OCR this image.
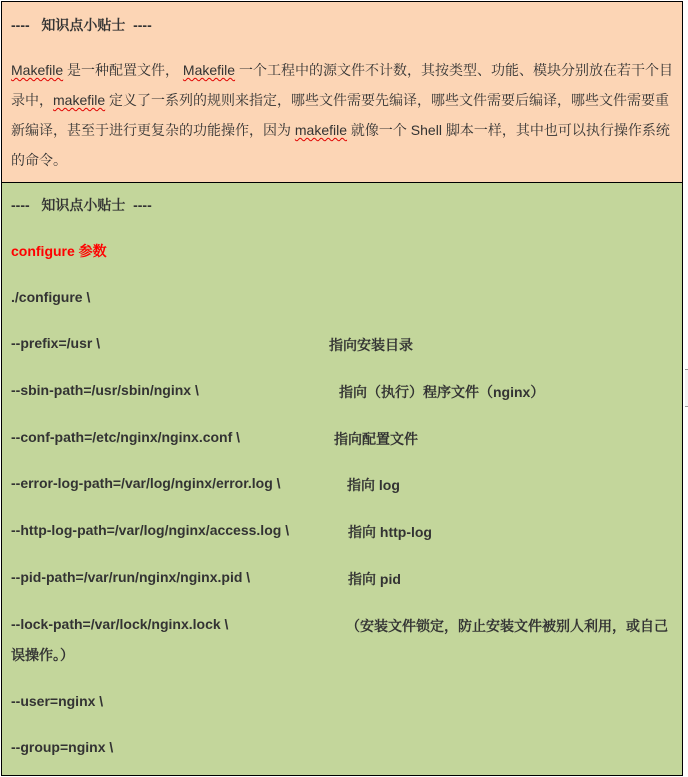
----   知识点小贴士  ----
Makefile 是一种配置文件， Makefile 一个工程中的源文件不计数，其按类型、功能、模块分别放在若干个目录中，makefile 定义了一系列的规则来指定，哪些文件需要先编译，哪些文件需要后编译，哪些文件需要重新编译，甚至于进行更复杂的功能操作，因为 makefile 就像一个 Shell 脚本一样，其中也可以执行操作系统的命令。
----   知识点小贴士  ----
configure 参数
./configure \
--prefix=/usr \	指向安装目录
--sbin-path=/usr/sbin/nginx \	指向（执行）程序文件（nginx）
--conf-path=/etc/nginx/nginx.conf \	指向配置文件
--error-log-path=/var/log/nginx/error.log \	指向 log
--http-log-path=/var/log/nginx/access.log \	指向 http-log
--pid-path=/var/run/nginx/nginx.pid \	指向 pid
--lock-path=/var/lock/nginx.lock \	（安装文件锁定，防止安装文件被别人利用，或自己
误操作。）
--user=nginx \
--group=nginx \
